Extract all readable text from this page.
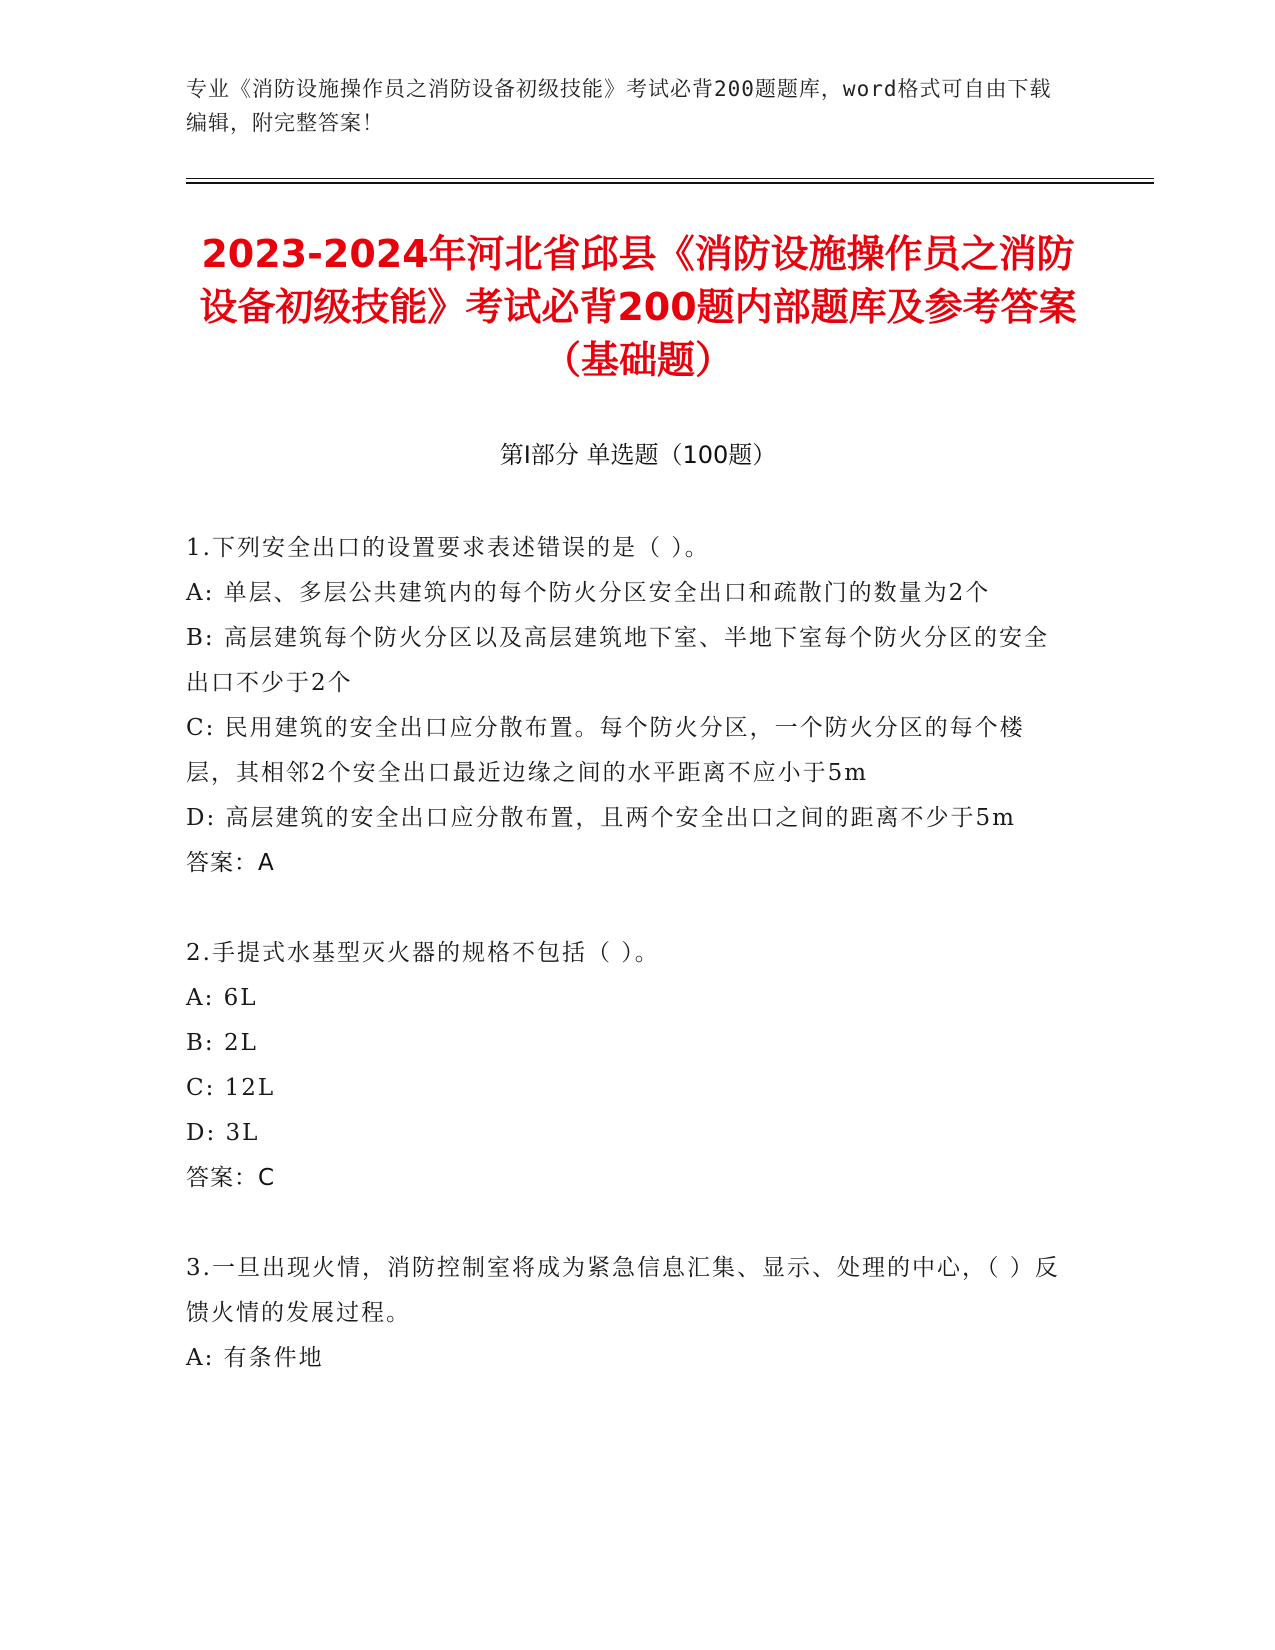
专业《消防设施操作员之消防设备初级技能》考试必背200题题库，word格式可自由下载编辑，附完整答案！
2023-2024年河北省邱县《消防设施操作员之消防设备初级技能》考试必背200题内部题库及参考答案（基础题）
第Ⅰ部分 单选题（100题）

1.下列安全出口的设置要求表述错误的是（ ）。

A: 单层、多层公共建筑内的每个防火分区安全出口和疏散门的数量为2个

B: 高层建筑每个防火分区以及高层建筑地下室、半地下室每个防火分区的安全出口不少于2个

C: 民用建筑的安全出口应分散布置。每个防火分区，一个防火分区的每个楼层，其相邻2个安全出口最近边缘之间的水平距离不应小于5m

D: 高层建筑的安全出口应分散布置，且两个安全出口之间的距离不少于5m

答案：A

2.手提式水基型灭火器的规格不包括（ ）。

A: 6L

B: 2L

C: 12L

D: 3L

答案：C

3.一旦出现火情，消防控制室将成为紧急信息汇集、显示、处理的中心，（ ）反馈火情的发展过程。

A: 有条件地
